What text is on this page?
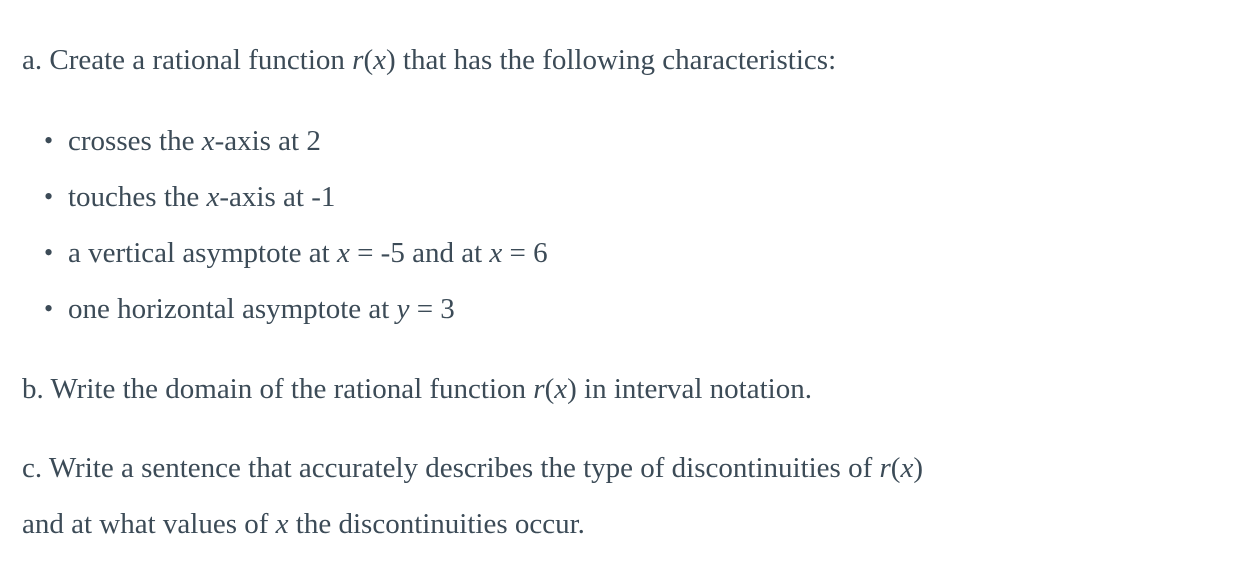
a. Create a rational function r(x) that has the following characteristics:

• crosses the x-axis at 2
• touches the x-axis at -1
• a vertical asymptote at x = -5 and at x = 6
• one horizontal asymptote at y = 3

b. Write the domain of the rational function r(x) in interval notation.

c. Write a sentence that accurately describes the type of discontinuities of r(x)
and at what values of x the discontinuities occur.
